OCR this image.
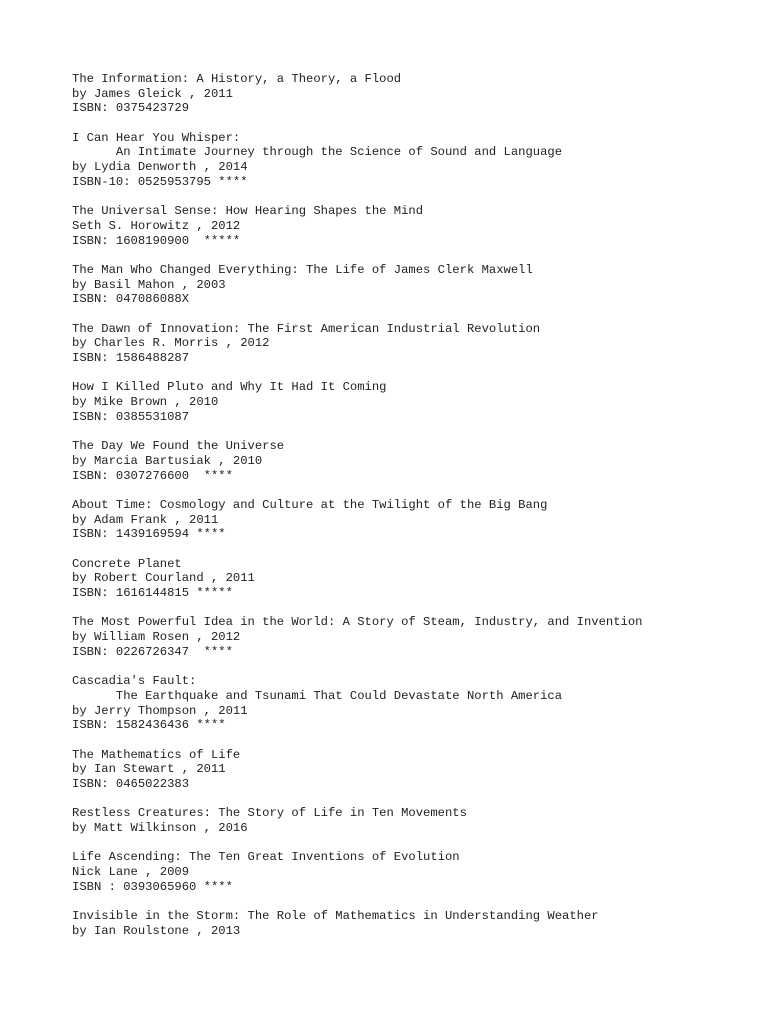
The Information: A History, a Theory, a Flood
by James Gleick , 2011
ISBN: 0375423729
I Can Hear You Whisper:
An Intimate Journey through the Science of Sound and Language
by Lydia Denworth , 2014
ISBN-10: 0525953795 ****
The Universal Sense: How Hearing Shapes the Mind
Seth S. Horowitz , 2012
ISBN: 1608190900  *****
The Man Who Changed Everything: The Life of James Clerk Maxwell
by Basil Mahon , 2003
ISBN: 047086088X
The Dawn of Innovation: The First American Industrial Revolution
by Charles R. Morris , 2012
ISBN: 1586488287
How I Killed Pluto and Why It Had It Coming
by Mike Brown , 2010
ISBN: 0385531087
The Day We Found the Universe
by Marcia Bartusiak , 2010
ISBN: 0307276600  ****
About Time: Cosmology and Culture at the Twilight of the Big Bang
by Adam Frank , 2011
ISBN: 1439169594 ****
Concrete Planet
by Robert Courland , 2011
ISBN: 1616144815 *****
The Most Powerful Idea in the World: A Story of Steam, Industry, and Invention
by William Rosen , 2012
ISBN: 0226726347  ****
Cascadia's Fault:
The Earthquake and Tsunami That Could Devastate North America
by Jerry Thompson , 2011
ISBN: 1582436436 ****
The Mathematics of Life
by Ian Stewart , 2011
ISBN: 0465022383
Restless Creatures: The Story of Life in Ten Movements
by Matt Wilkinson , 2016
Life Ascending: The Ten Great Inventions of Evolution
Nick Lane , 2009
ISBN : 0393065960 ****
Invisible in the Storm: The Role of Mathematics in Understanding Weather
by Ian Roulstone , 2013
